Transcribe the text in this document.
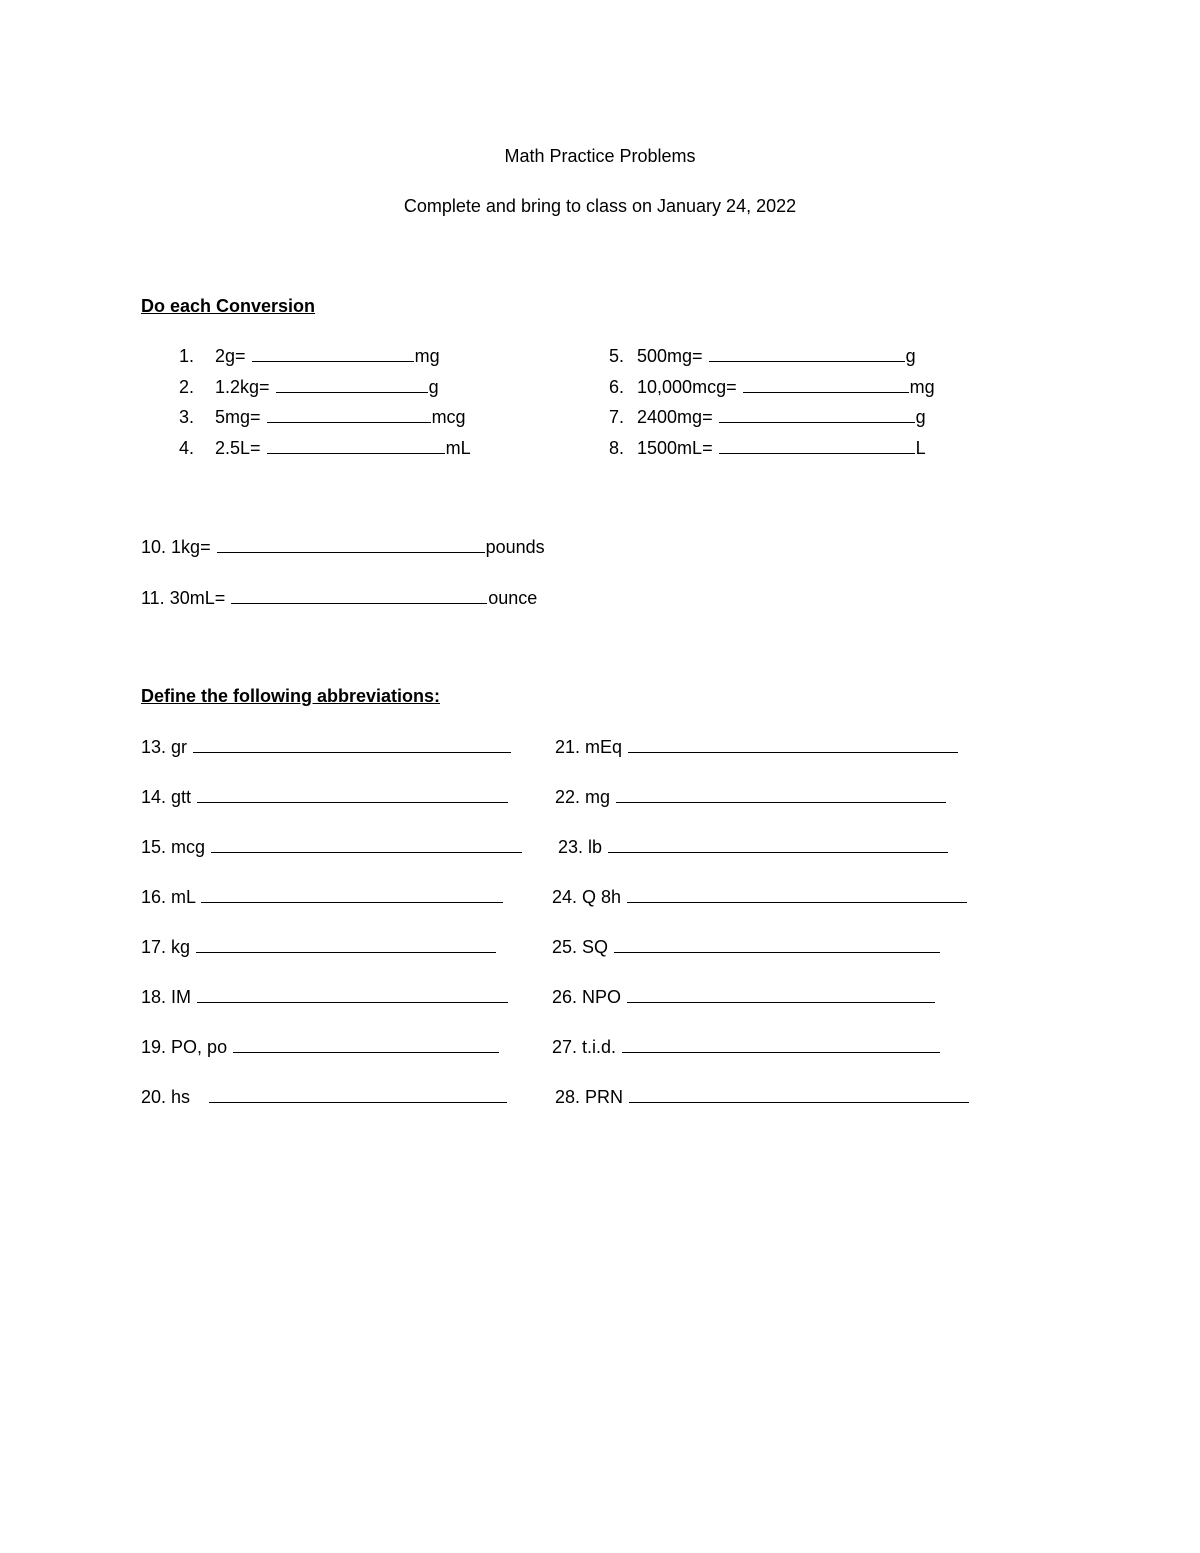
Math Practice Problems
Complete and bring to class on January 24, 2022
Do each Conversion
1. 2g=	mg
2. 1.2kg=	g
3. 5mg=	mcg
4. 2.5L=	mL
5. 500mg=	g
6. 10,000mcg=	mg
7. 2400mg=	g
8. 1500mL=	L
10. 1kg=	pounds
11. 30mL=	ounce
Define the following abbreviations:
13. gr
14. gtt
15. mcg
16. mL
17. kg
18. IM
19. PO, po
20. hs
21. mEq
22. mg
23. lb
24. Q 8h
25. SQ
26. NPO
27. t.i.d.
28. PRN
